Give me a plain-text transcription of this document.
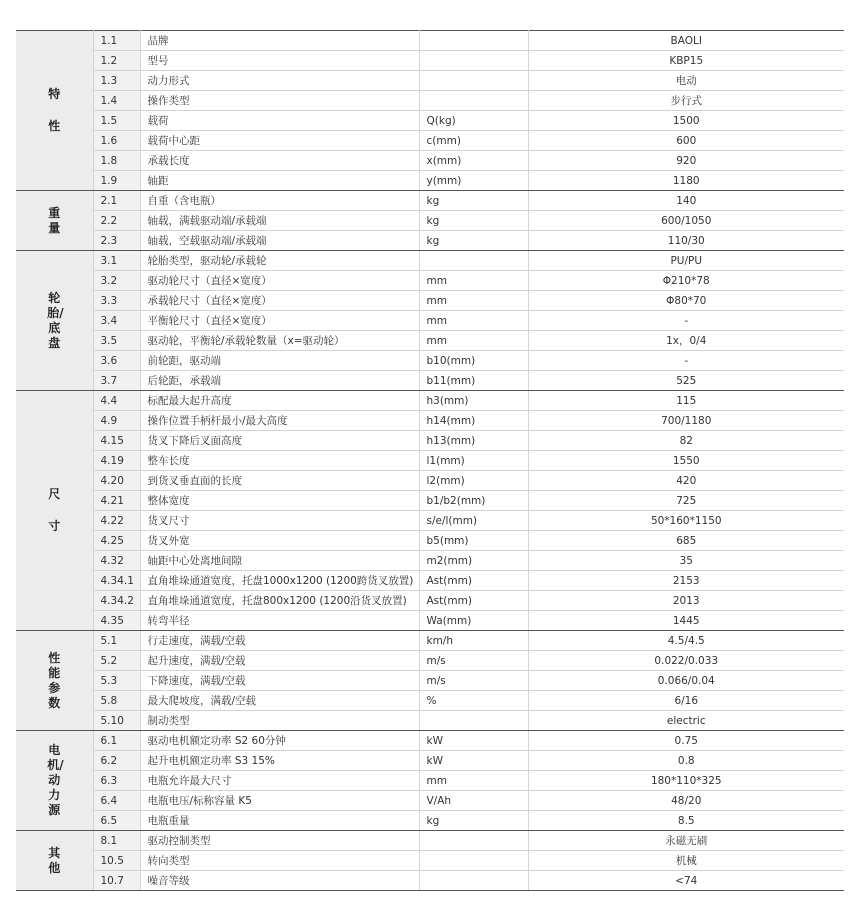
特性	1.1	品牌		BAOLI
	1.2	型号		KBP15
	1.3	动力形式		电动
	1.4	操作类型		步行式
	1.5	载荷	Q(kg)	1500
	1.6	载荷中心距	c(mm)	600
	1.8	承载长度	x(mm)	920
	1.9	轴距	y(mm)	1180
重量	2.1	自重（含电瓶）	kg	140
	2.2	轴载，满载驱动端/承载端	kg	600/1050
	2.3	轴载，空载驱动端/承载端	kg	110/30
轮胎/底盘	3.1	轮胎类型，驱动轮/承载轮		PU/PU
	3.2	驱动轮尺寸（直径×宽度）	mm	Φ210*78
	3.3	承载轮尺寸（直径×宽度）	mm	Φ80*70
	3.4	平衡轮尺寸（直径×宽度）	mm	-
	3.5	驱动轮，平衡轮/承载轮数量（x=驱动轮）	mm	1x，0/4
	3.6	前轮距，驱动端	b10(mm)	-
	3.7	后轮距，承载端	b11(mm)	525
尺寸	4.4	标配最大起升高度	h3(mm)	115
	4.9	操作位置手柄杆最小/最大高度	h14(mm)	700/1180
	4.15	货叉下降后叉面高度	h13(mm)	82
	4.19	整车长度	l1(mm)	1550
	4.20	到货叉垂直面的长度	l2(mm)	420
	4.21	整体宽度	b1/b2(mm)	725
	4.22	货叉尺寸	s/e/l(mm)	50*160*1150
	4.25	货叉外宽	b5(mm)	685
	4.32	轴距中心处离地间隙	m2(mm)	35
	4.34.1	直角堆垛通道宽度，托盘1000x1200 (1200跨货叉放置)	Ast(mm)	2153
	4.34.2	直角堆垛通道宽度，托盘800x1200 (1200沿货叉放置)	Ast(mm)	2013
	4.35	转弯半径	Wa(mm)	1445
性能参数	5.1	行走速度，满载/空载	km/h	4.5/4.5
	5.2	起升速度，满载/空载	m/s	0.022/0.033
	5.3	下降速度，满载/空载	m/s	0.066/0.04
	5.8	最大爬坡度，满载/空载	%	6/16
	5.10	制动类型		electric
电机/动力源	6.1	驱动电机额定功率 S2 60分钟	kW	0.75
	6.2	起升电机额定功率 S3 15%	kW	0.8
	6.3	电瓶允许最大尺寸	mm	180*110*325
	6.4	电瓶电压/标称容量 K5	V/Ah	48/20
	6.5	电瓶重量	kg	8.5
其他	8.1	驱动控制类型		永磁无刷
	10.5	转向类型		机械
	10.7	噪音等级		<74
